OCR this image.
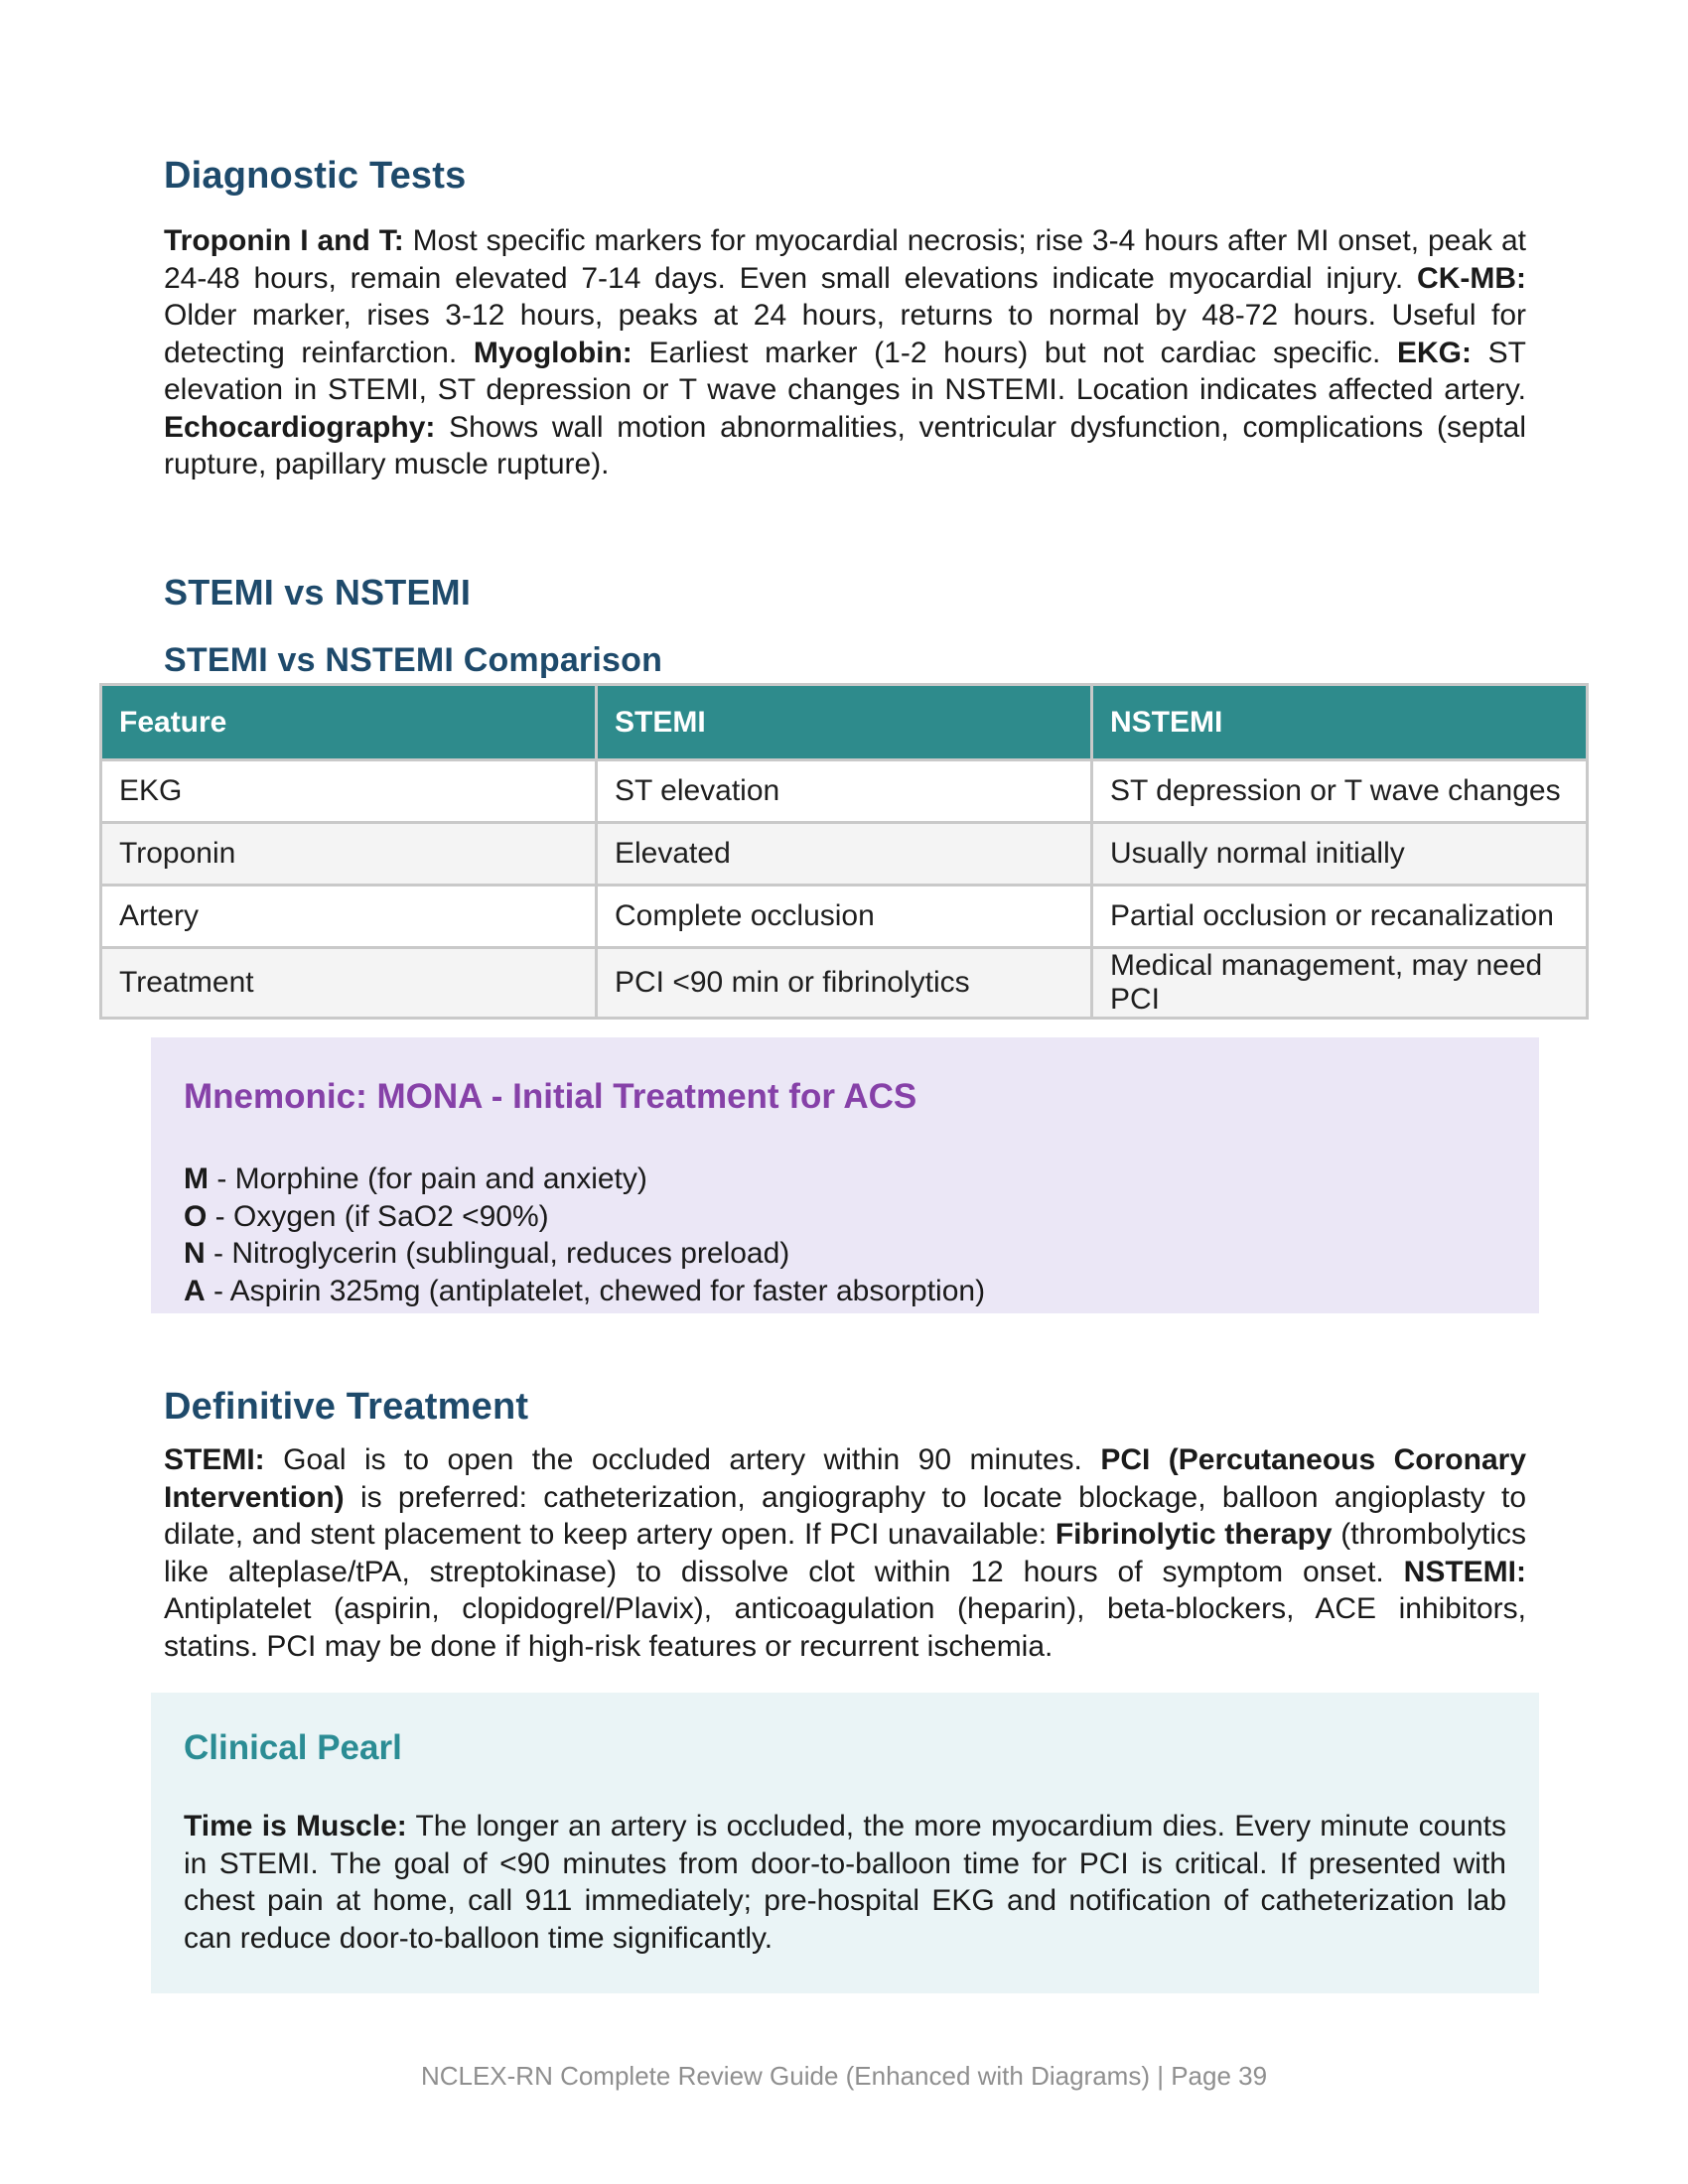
Diagnostic Tests

Troponin I and T: Most specific markers for myocardial necrosis; rise 3-4 hours after MI onset, peak at 24-48 hours, remain elevated 7-14 days. Even small elevations indicate myocardial injury. CK-MB: Older marker, rises 3-12 hours, peaks at 24 hours, returns to normal by 48-72 hours. Useful for detecting reinfarction. Myoglobin: Earliest marker (1-2 hours) but not cardiac specific. EKG: ST elevation in STEMI, ST depression or T wave changes in NSTEMI. Location indicates affected artery. Echocardiography: Shows wall motion abnormalities, ventricular dysfunction, complications (septal rupture, papillary muscle rupture).

STEMI vs NSTEMI
STEMI vs NSTEMI Comparison
Feature	STEMI	NSTEMI
EKG	ST elevation	ST depression or T wave changes
Troponin	Elevated	Usually normal initially
Artery	Complete occlusion	Partial occlusion or recanalization
Treatment	PCI <90 min or fibrinolytics	Medical management, may need PCI
Mnemonic: MONA - Initial Treatment for ACS
M - Morphine (for pain and anxiety)
O - Oxygen (if SaO2 <90%)
N - Nitroglycerin (sublingual, reduces preload)
A - Aspirin 325mg (antiplatelet, chewed for faster absorption)
Definitive Treatment

STEMI: Goal is to open the occluded artery within 90 minutes. PCI (Percutaneous Coronary Intervention) is preferred: catheterization, angiography to locate blockage, balloon angioplasty to dilate, and stent placement to keep artery open. If PCI unavailable: Fibrinolytic therapy (thrombolytics like alteplase/tPA, streptokinase) to dissolve clot within 12 hours of symptom onset. NSTEMI: Antiplatelet (aspirin, clopidogrel/Plavix), anticoagulation (heparin), beta-blockers, ACE inhibitors, statins. PCI may be done if high-risk features or recurrent ischemia.

Clinical Pearl

Time is Muscle: The longer an artery is occluded, the more myocardium dies. Every minute counts in STEMI. The goal of <90 minutes from door-to-balloon time for PCI is critical. If presented with chest pain at home, call 911 immediately; pre-hospital EKG and notification of catheterization lab can reduce door-to-balloon time significantly.

NCLEX-RN Complete Review Guide (Enhanced with Diagrams) | Page 39
